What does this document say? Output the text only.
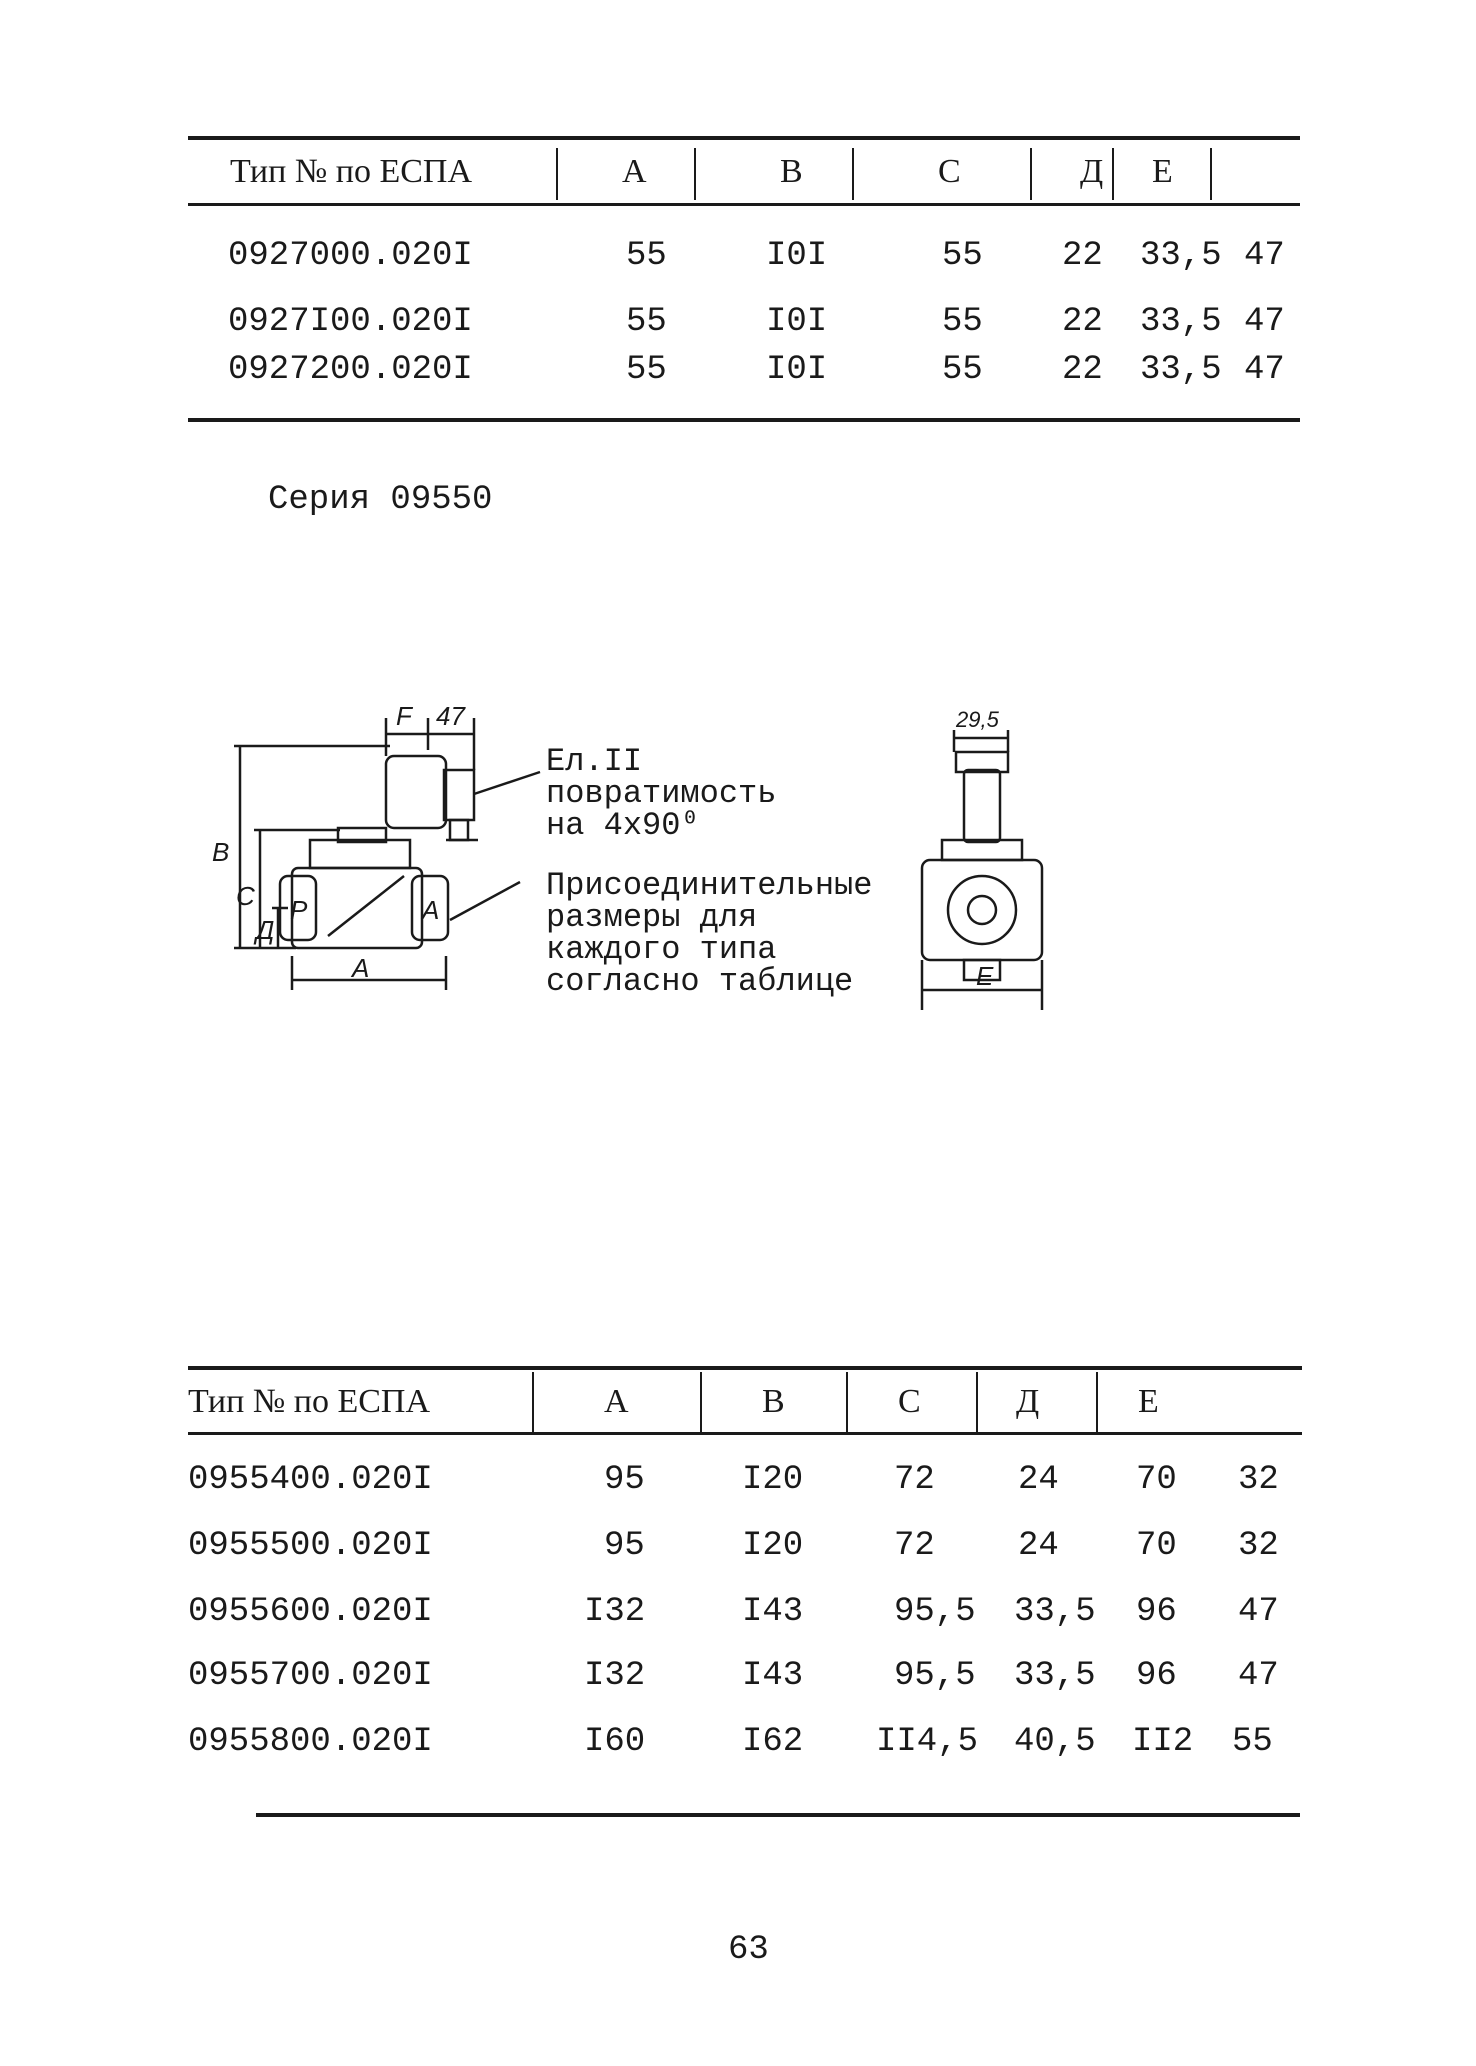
Тип № по ЕСПА	A	B	C	Д E
0927000.020I	55	I0I	55 22 33,5 47
0927I00.020I	55	I0I	55 22 33,5 47
0927200.020I	55	I0I	55 22 33,5 47
Серия 09550
F 47
B
C
Д
A
P	A
29,5
E
Ел.II
повратимость
на 4х90⁰
Присоединительные
размеры для
каждого типа
согласно таблице
Тип № по ЕСПА	A	B	C	Д	E
0955400.020I	95	I20	72 24 70 32
0955500.020I	95	I20	72 24 70 32
0955600.020I	I32	I43	95,5 33,5 96 47
0955700.020I	I32	I43	95,5 33,5 96 47
0955800.020I	I60	I62 II4,5 40,5 II2 55
63
